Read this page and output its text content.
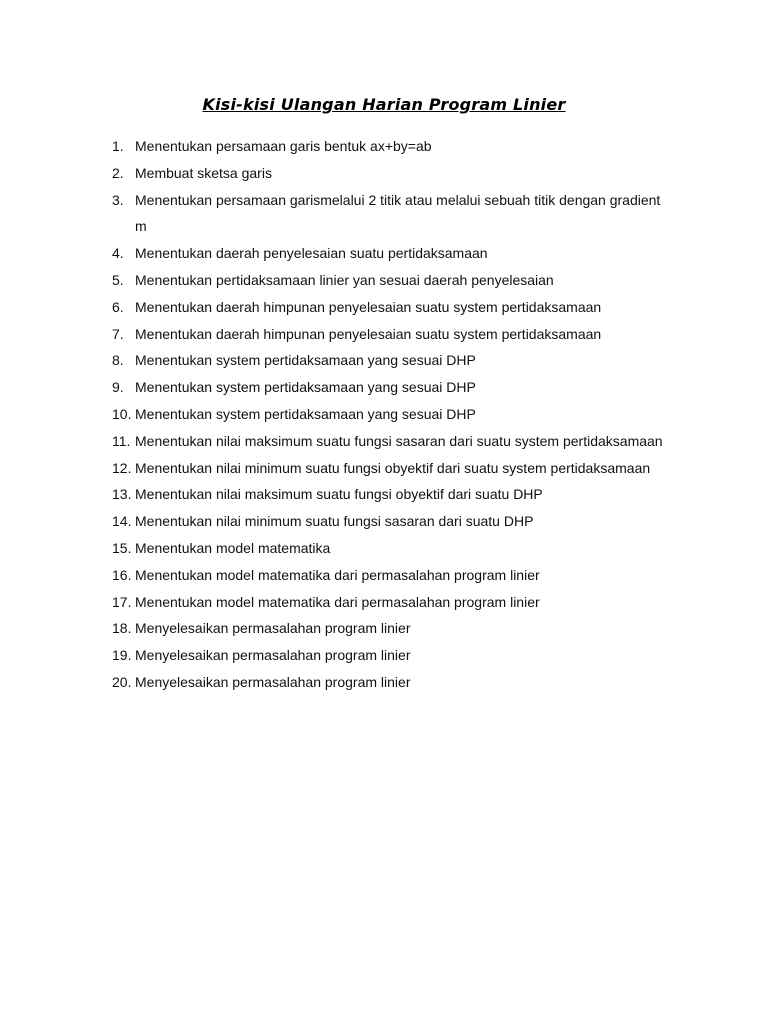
Kisi-kisi Ulangan Harian Program Linier
1. Menentukan persamaan garis bentuk ax+by=ab
2. Membuat sketsa garis
3. Menentukan persamaan garismelalui 2 titik atau melalui sebuah titik dengan gradient m
4. Menentukan daerah penyelesaian suatu pertidaksamaan
5. Menentukan pertidaksamaan linier yan sesuai daerah penyelesaian
6. Menentukan daerah himpunan penyelesaian suatu system pertidaksamaan
7. Menentukan daerah himpunan penyelesaian suatu system pertidaksamaan
8. Menentukan system pertidaksamaan yang sesuai DHP
9. Menentukan system pertidaksamaan yang sesuai DHP
10. Menentukan system pertidaksamaan yang sesuai DHP
11. Menentukan nilai maksimum suatu fungsi sasaran dari suatu system pertidaksamaan
12. Menentukan nilai minimum suatu fungsi obyektif dari suatu system pertidaksamaan
13. Menentukan nilai maksimum suatu fungsi obyektif dari suatu DHP
14. Menentukan nilai minimum suatu fungsi sasaran dari suatu DHP
15. Menentukan model matematika
16. Menentukan model matematika dari permasalahan program linier
17. Menentukan model matematika dari permasalahan program linier
18. Menyelesaikan permasalahan program linier
19. Menyelesaikan permasalahan program linier
20. Menyelesaikan permasalahan program linier
